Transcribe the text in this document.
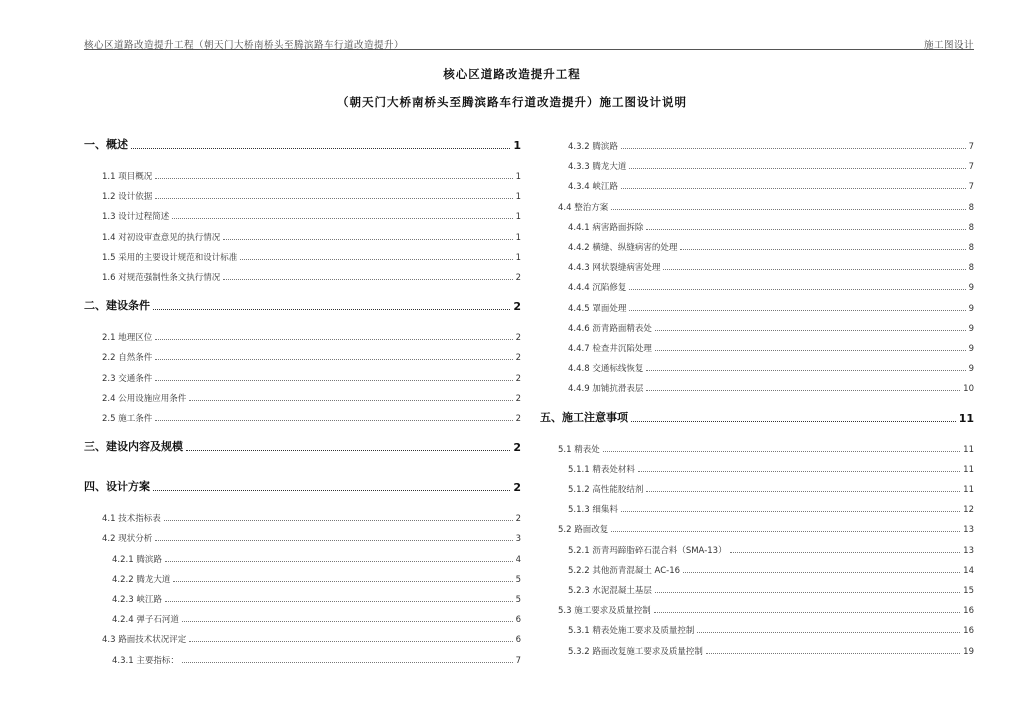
核心区道路改造提升工程（朝天门大桥南桥头至腾滨路车行道改造提升）	施工图设计
核心区道路改造提升工程
（朝天门大桥南桥头至腾滨路车行道改造提升）施工图设计说明
一、概述	1
1.1 项目概况	1
1.2 设计依据	1
1.3 设计过程简述	1
1.4 对初设审查意见的执行情况	1
1.5 采用的主要设计规范和设计标准	1
1.6 对规范强制性条文执行情况	2
二、建设条件	2
2.1 地理区位	2
2.2 自然条件	2
2.3 交通条件	2
2.4 公用设施应用条件	2
2.5 施工条件	2
三、建设内容及规模	2
四、设计方案	2
4.1 技术指标表	2
4.2 现状分析	3
4.2.1 腾滨路	4
4.2.2 腾龙大道	5
4.2.3 峡江路	5
4.2.4 弹子石河道	6
4.3 路面技术状况评定	6
4.3.1 主要指标：	7
4.3.2 腾滨路	7
4.3.3 腾龙大道	7
4.3.4 峡江路	7
4.4 整治方案	8
4.4.1 病害路面拆除	8
4.4.2 横缝、纵缝病害的处理	8
4.4.3 网状裂缝病害处理	8
4.4.4 沉陷修复	9
4.4.5 罩面处理	9
4.4.6 沥青路面精表处	9
4.4.7 检查井沉陷处理	9
4.4.8 交通标线恢复	9
4.4.9 加铺抗滑表层	10
五、施工注意事项	11
5.1 精表处	11
5.1.1 精表处材料	11
5.1.2 高性能胶结剂	11
5.1.3 细集料	12
5.2 路面改复	13
5.2.1 沥青玛蹄脂碎石混合料（SMA-13）	13
5.2.2 其他沥青混凝土 AC-16	14
5.2.3 水泥混凝土基层	15
5.3 施工要求及质量控制	16
5.3.1 精表处施工要求及质量控制	16
5.3.2 路面改复施工要求及质量控制	19
